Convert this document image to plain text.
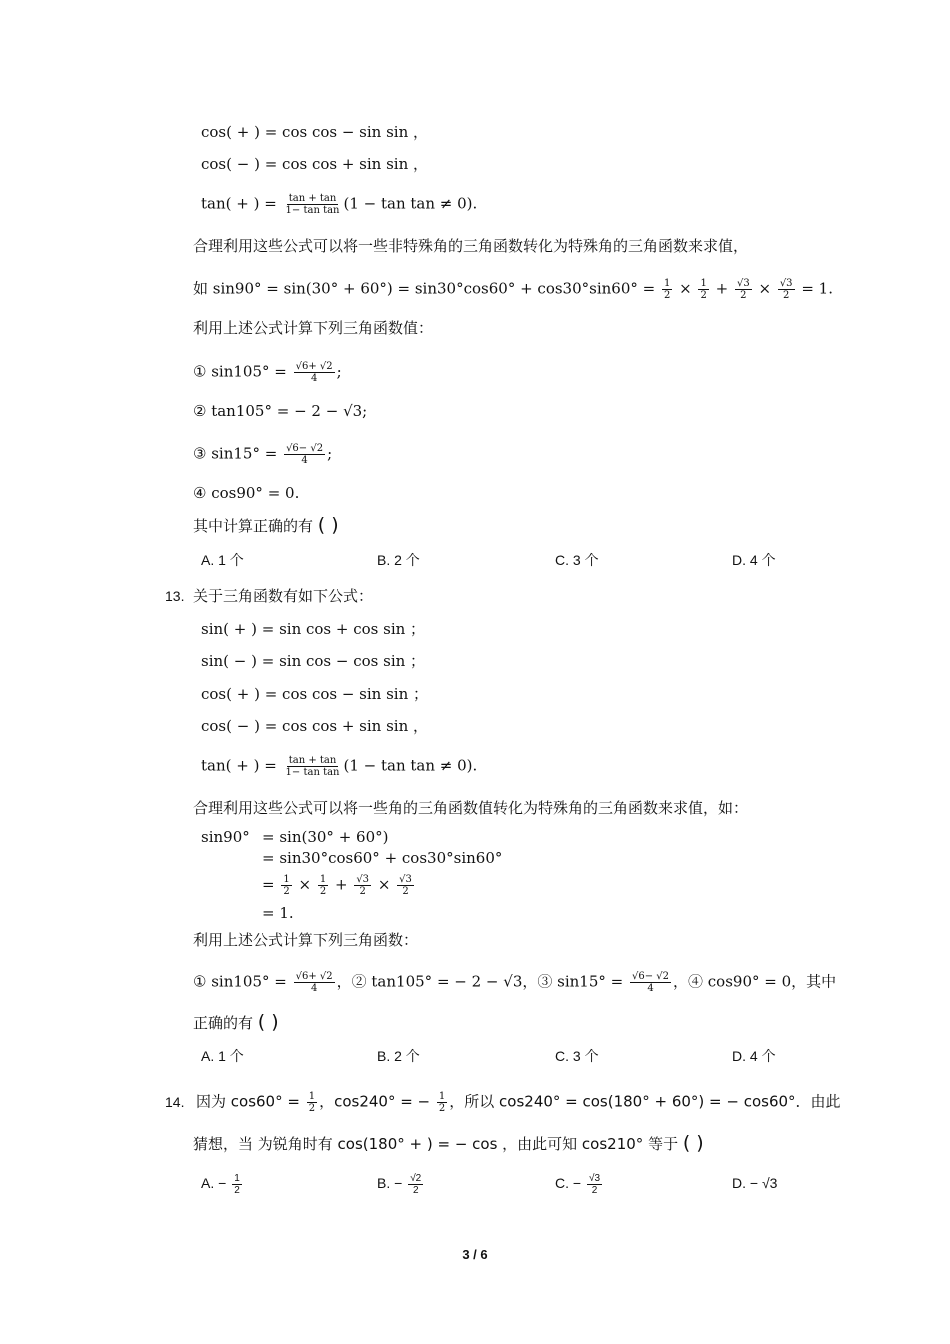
cos( + ) = cos cos − sin sin ，
cos( − ) = cos cos + sin sin ，
tan( + ) = $\frac{\tan + \tan}{\text{1− tan tan}} (1 - \tan \tan \ne 0)$.
合理利用这些公式可以将一些非特殊角的三角函数转化为特殊角的三角函数来求值，
如 $\sin 90^\circ = \sin(30^\circ + 60^\circ) = \sin 30^\circ\cos 60^\circ + \cos 30^\circ\sin 60^\circ = \frac{1}{2} \times \frac{1}{2} + \frac{√3}{2} \times \frac{√3}{2} = 1$.
利用上述公式计算下列三角函数值：
① $\sin 105^\circ = \frac{√6+ √2}{4}$ ;
② tan105° = − 2 − √3;
③ $\sin 15^\circ = \frac{√6- √2}{4}$ ;
④ cos90° = 0.
其中计算正确的有 ( )
A. 1 个	B. 2 个	C. 3 个	D. 4 个
13. 关于三角函数有如下公式：
sin( + ) = sin cos + cos sin ；
sin( − ) = sin cos − cos sin ；
cos( + ) = cos cos − sin sin ；
cos( − ) = cos cos + sin sin ，
tan( + ) = $\frac{\tan + \tan}{\text{1− tan tan}} (1 - \tan \tan \ne 0)$.
合理利用这些公式可以将一些角的三角函数值转化为特殊角的三角函数来求值，如：
sin90° = sin(30° + 60°)
= sin30°cos60° + cos30°sin60°
= $\frac{1}{2} \times \frac{1}{2} + \frac{√3}{2} \times \frac{√3}{2}$
= 1.
利用上述公式计算下列三角函数：
① $\sin 105^\circ = \frac{√6+ √2}{4}$ ，② tan105° = − 2 − √3，③ $\sin 15^\circ = \frac{√6- √2}{4}$ ，④ cos90° = 0，其中
正确的有 ( )
A. 1 个	B. 2 个	C. 3 个	D. 4 个
14. 因为 $\cos 60^\circ = \frac{1}{2}$ ，cos240° = − $\frac{1}{2}$ ，所以 cos240° = cos(180° + 60°) = − cos60°．由此
猜想，当 为锐角时有 cos(180° + ) = − cos ，由此可知 cos210° 等于 ( )
A. − $\frac{1}{2}$	B. − $\frac{√2}{2}$	C. − $\frac{√3}{2}$	D. − √3
3 / 6
